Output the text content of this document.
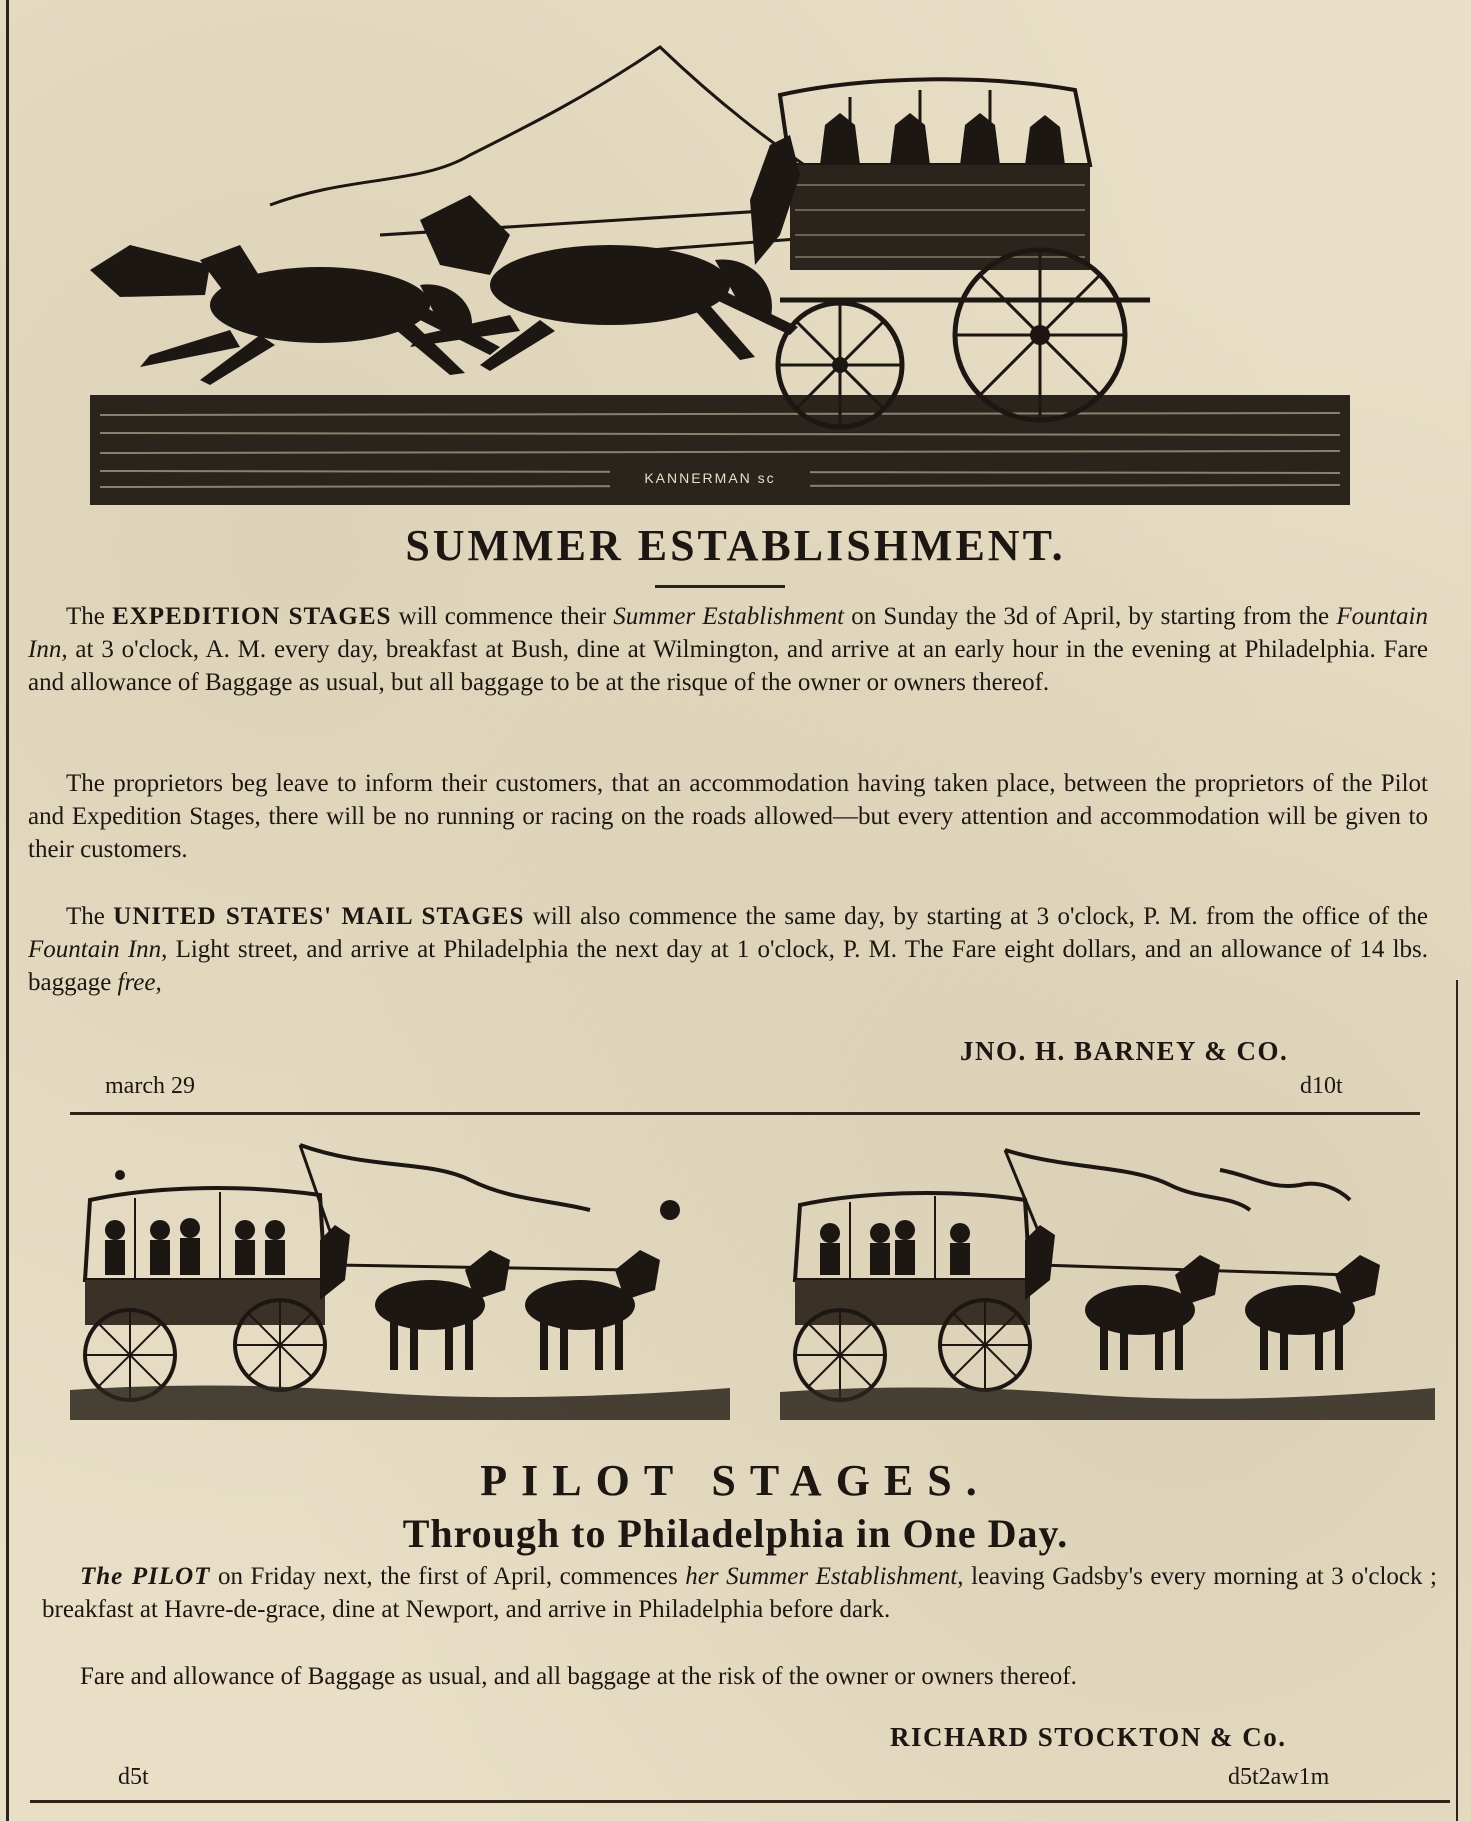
KANNERMAN sc
SUMMER ESTABLISHMENT.

The EXPEDITION STAGES will commence their Summer Establishment on Sunday the 3d of April, by starting from the Fountain Inn, at 3 o'clock, A. M. every day, breakfast at Bush, dine at Wilmington, and arrive at an early hour in the evening at Philadelphia. Fare and allowance of Baggage as usual, but all baggage to be at the risque of the owner or owners thereof.

The proprietors beg leave to inform their customers, that an accommodation having taken place, between the proprietors of the Pilot and Expedition Stages, there will be no running or racing on the roads allowed—but every attention and accommodation will be given to their customers.

The UNITED STATES' MAIL STAGES will also commence the same day, by starting at 3 o'clock, P. M. from the office of the Fountain Inn, Light street, and arrive at Philadelphia the next day at 1 o'clock, P. M. The Fare eight dollars, and an allowance of 14 lbs. baggage free,

JNO. H. BARNEY & CO.
march 29	d10t
PILOT STAGES.
Through to Philadelphia in One Day.

The PILOT on Friday next, the first of April, commences her Summer Establishment, leaving Gadsby's every morning at 3 o'clock ; breakfast at Havre-de-grace, dine at Newport, and arrive in Philadelphia before dark.

Fare and allowance of Baggage as usual, and all baggage at the risk of the owner or owners thereof.

RICHARD STOCKTON & Co.
d5t	d5t2aw1m
